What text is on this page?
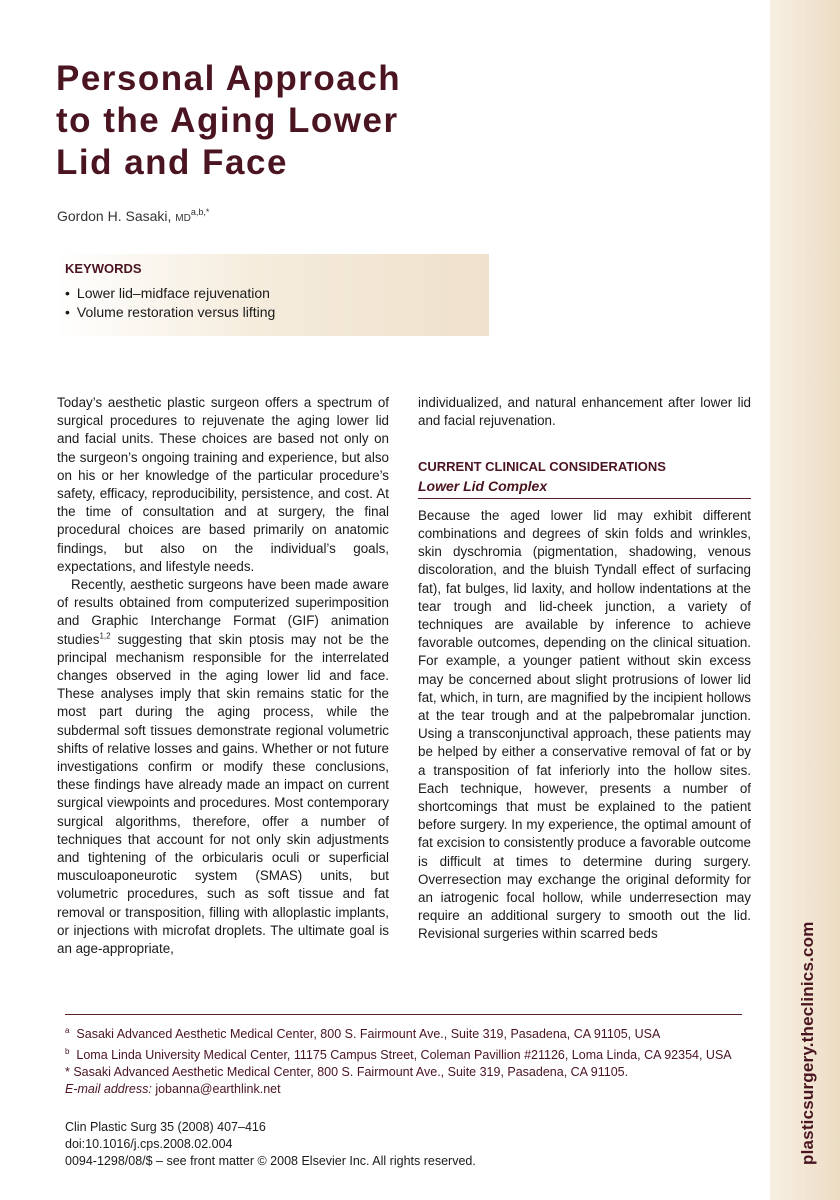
plasticsurgery.theclinics.com
Personal Approach
to the Aging Lower
Lid and Face
Gordon H. Sasaki, $MD^{a,b,*}$
KEYWORDS
• Lower lid–midface rejuvenation
• Volume restoration versus lifting

Today’s aesthetic plastic surgeon offers a spectrum of surgical procedures to rejuvenate the aging lower lid and facial units. These choices are based not only on the surgeon’s ongoing training and experience, but also on his or her knowledge of the particular procedure’s safety, efficacy, reproducibility, persistence, and cost. At the time of consultation and at surgery, the final procedural choices are based primarily on anatomic findings, but also on the individual’s goals, expectations, and lifestyle needs.

Recently, aesthetic surgeons have been made aware of results obtained from computerized superimposition and Graphic Interchange Format (GIF) animation studies$^{1,2}$ suggesting that skin ptosis may not be the principal mechanism responsible for the interrelated changes observed in the aging lower lid and face. These analyses imply that skin remains static for the most part during the aging process, while the subdermal soft tissues demonstrate regional volumetric shifts of relative losses and gains. Whether or not future investigations confirm or modify these conclusions, these findings have already made an impact on current surgical viewpoints and procedures. Most contemporary surgical algorithms, therefore, offer a number of techniques that account for not only skin adjustments and tightening of the orbicularis oculi or superficial musculoaponeurotic system (SMAS) units, but volumetric procedures, such as soft tissue and fat removal or transposition, filling with alloplastic implants, or injections with microfat droplets. The ultimate goal is an age-appropriate,

individualized, and natural enhancement after lower lid and facial rejuvenation.

CURRENT CLINICAL CONSIDERATIONS

Lower Lid Complex

Because the aged lower lid may exhibit different combinations and degrees of skin folds and wrinkles, skin dyschromia (pigmentation, shadowing, venous discoloration, and the bluish Tyndall effect of surfacing fat), fat bulges, lid laxity, and hollow indentations at the tear trough and lid-cheek junction, a variety of techniques are available by inference to achieve favorable outcomes, depending on the clinical situation. For example, a younger patient without skin excess may be concerned about slight protrusions of lower lid fat, which, in turn, are magnified by the incipient hollows at the tear trough and at the palpebromalar junction. Using a transconjunctival approach, these patients may be helped by either a conservative removal of fat or by a transposition of fat inferiorly into the hollow sites. Each technique, however, presents a number of shortcomings that must be explained to the patient before surgery. In my experience, the optimal amount of fat excision to consistently produce a favorable outcome is difficult at times to determine during surgery. Overresection may exchange the original deformity for an iatrogenic focal hollow, while underresection may require an additional surgery to smooth out the lid. Revisional surgeries within scarred beds

$^a$ Sasaki Advanced Aesthetic Medical Center, 800 S. Fairmount Ave., Suite 319, Pasadena, CA 91105, USA

$^b$ Loma Linda University Medical Center, 11175 Campus Street, Coleman Pavillion #21126, Loma Linda, CA 92354, USA

* Sasaki Advanced Aesthetic Medical Center, 800 S. Fairmount Ave., Suite 319, Pasadena, CA 91105.

E-mail address: jobanna@earthlink.net

Clin Plastic Surg 35 (2008) 407–416

doi:10.1016/j.cps.2008.02.004

0094-1298/08/$ – see front matter © 2008 Elsevier Inc. All rights reserved.
